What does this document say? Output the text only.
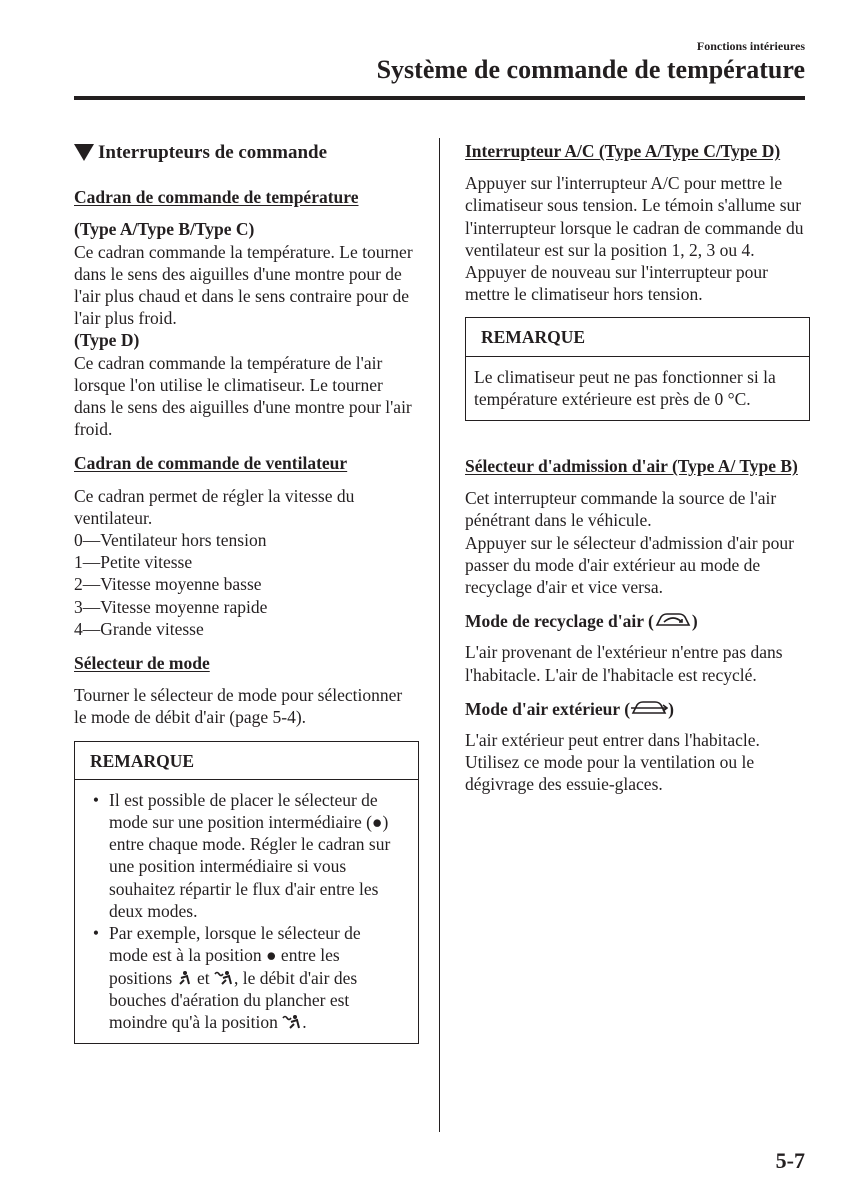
Fonctions intérieures
Système de commande de température
Interrupteurs de commande
Cadran de commande de température

(Type A/Type B/Type C)

Ce cadran commande la température. Le tourner dans le sens des aiguilles d'une montre pour de l'air plus chaud et dans le sens contraire pour de l'air plus froid.

(Type D)

Ce cadran commande la température de l'air lorsque l'on utilise le climatiseur. Le tourner dans le sens des aiguilles d'une montre pour l'air froid.

Cadran de commande de ventilateur

Ce cadran permet de régler la vitesse du ventilateur.

0—Ventilateur hors tension

1—Petite vitesse

2—Vitesse moyenne basse

3—Vitesse moyenne rapide

4—Grande vitesse

Sélecteur de mode

Tourner le sélecteur de mode pour sélectionner le mode de débit d'air (page 5-4).

REMARQUE
• Il est possible de placer le sélecteur de mode sur une position intermédiaire (●) entre chaque mode. Régler le cadran sur une position intermédiaire si vous souhaitez répartir le flux d'air entre les deux modes.
• Par exemple, lorsque le sélecteur de mode est à la position ● entre les positions et , le débit d'air des bouches d'aération du plancher est moindre qu'à la position .
Interrupteur A/C (Type A/Type C/Type D)

Appuyer sur l'interrupteur A/C pour mettre le climatiseur sous tension. Le témoin s'allume sur l'interrupteur lorsque le cadran de commande du ventilateur est sur la position 1, 2, 3 ou 4.

Appuyer de nouveau sur l'interrupteur pour mettre le climatiseur hors tension.

REMARQUE
Le climatiseur peut ne pas fonctionner si la température extérieure est près de 0 °C.
Sélecteur d'admission d'air (Type A/ Type B)

Cet interrupteur commande la source de l'air pénétrant dans le véhicule.

Appuyer sur le sélecteur d'admission d'air pour passer du mode d'air extérieur au mode de recyclage d'air et vice versa.

Mode de recyclage d'air ( )

L'air provenant de l'extérieur n'entre pas dans l'habitacle. L'air de l'habitacle est recyclé.

Mode d'air extérieur ( )

L'air extérieur peut entrer dans l'habitacle.

Utilisez ce mode pour la ventilation ou le dégivrage des essuie-glaces.

5-7
